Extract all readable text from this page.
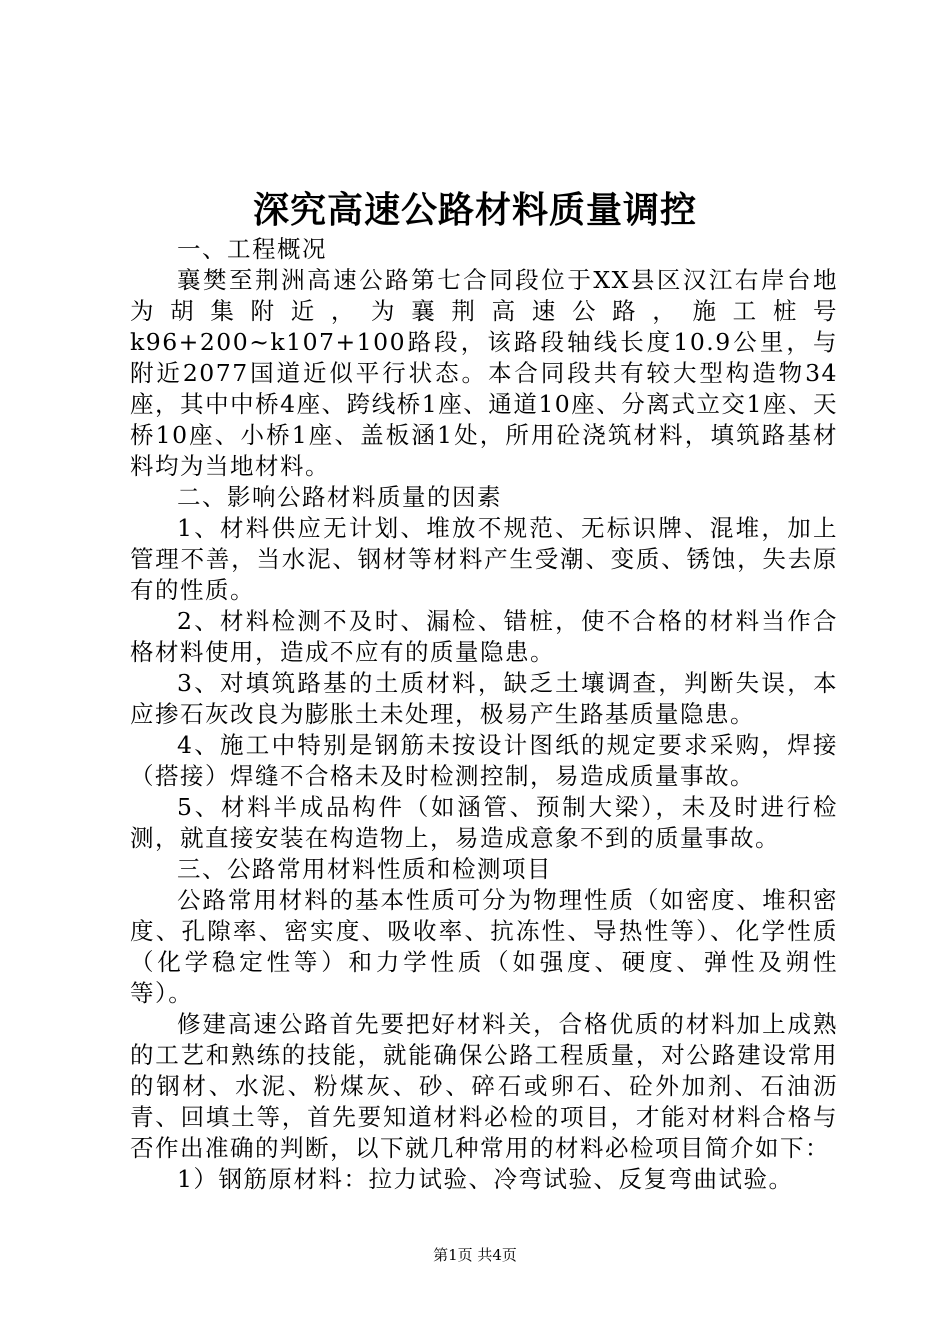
深究高速公路材料质量调控

一、工程概况

襄樊至荆洲高速公路第七合同段位于XX县区汉江右岸台地为胡集附近，为襄荆高速公路，施工桩号k96+200~k107+100路段，该路段轴线长度10.9公里，与附近2077国道近似平行状态。本合同段共有较大型构造物34座，其中中桥4座、跨线桥1座、通道10座、分离式立交1座、天桥10座、小桥1座、盖板涵1处，所用砼浇筑材料，填筑路基材料均为当地材料。

二、影响公路材料质量的因素

1、材料供应无计划、堆放不规范、无标识牌、混堆，加上管理不善，当水泥、钢材等材料产生受潮、变质、锈蚀，失去原有的性质。

2、材料检测不及时、漏检、错桩，使不合格的材料当作合格材料使用，造成不应有的质量隐患。

3、对填筑路基的土质材料，缺乏土壤调查，判断失误，本应掺石灰改良为膨胀土未处理，极易产生路基质量隐患。

4、施工中特别是钢筋未按设计图纸的规定要求采购，焊接（搭接）焊缝不合格未及时检测控制，易造成质量事故。

5、材料半成品构件（如涵管、预制大梁），未及时进行检测，就直接安装在构造物上，易造成意象不到的质量事故。

三、公路常用材料性质和检测项目

公路常用材料的基本性质可分为物理性质（如密度、堆积密度、孔隙率、密实度、吸收率、抗冻性、导热性等）、化学性质（化学稳定性等）和力学性质（如强度、硬度、弹性及朔性等）。

修建高速公路首先要把好材料关，合格优质的材料加上成熟的工艺和熟练的技能，就能确保公路工程质量，对公路建设常用的钢材、水泥、粉煤灰、砂、碎石或卵石、砼外加剂、石油沥青、回填土等，首先要知道材料必检的项目，才能对材料合格与否作出准确的判断，以下就几种常用的材料必检项目简介如下：

1）钢筋原材料：拉力试验、冷弯试验、反复弯曲试验。

第1页 共4页
